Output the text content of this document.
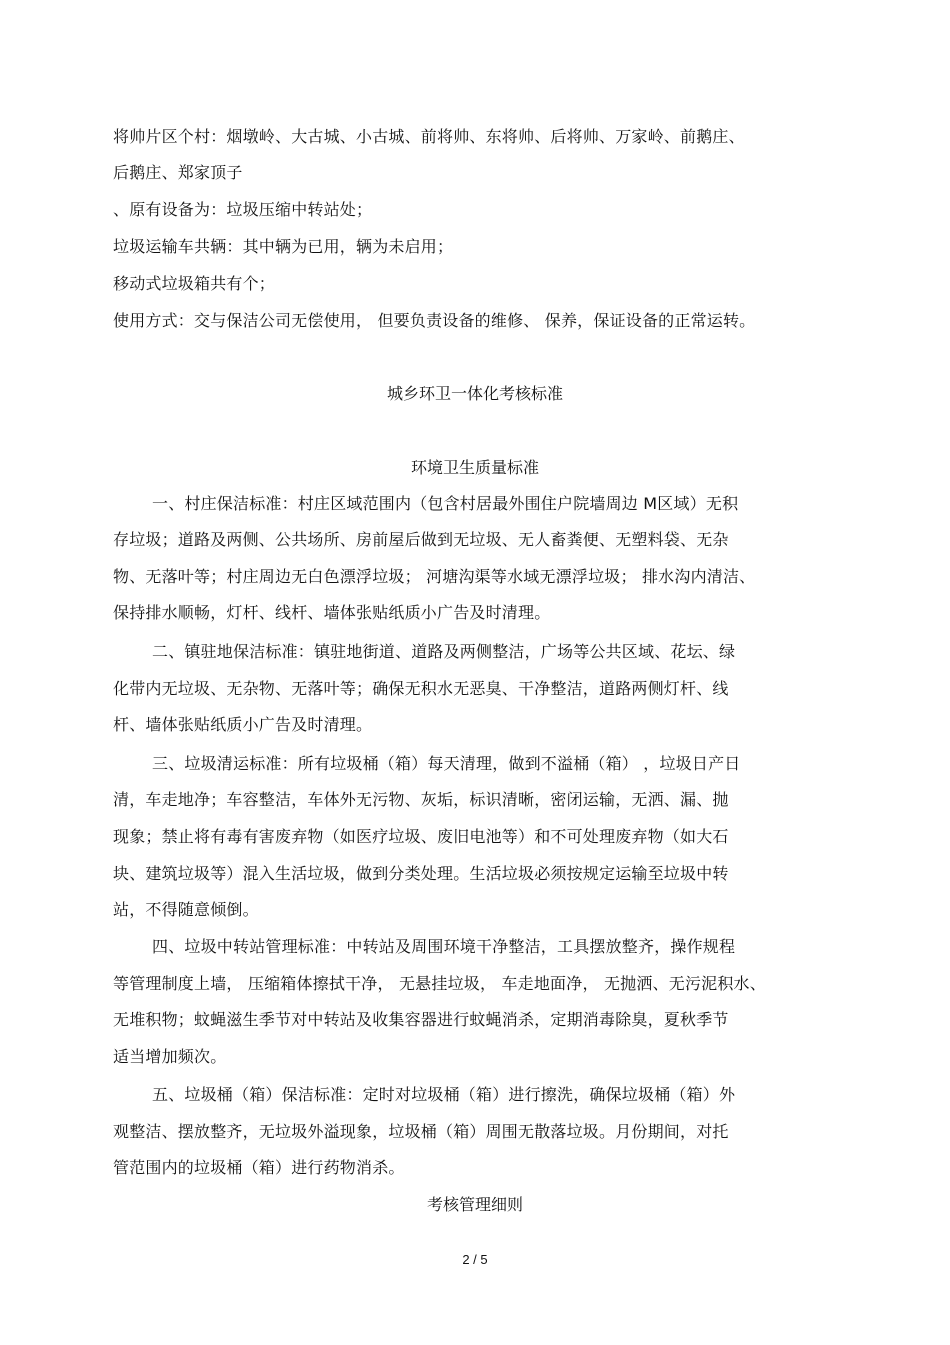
将帅片区个村：烟墩岭、大古城、小古城、前将帅、东将帅、后将帅、万家岭、前鹅庄、
后鹅庄、郑家顶子
、原有设备为：垃圾压缩中转站处；
垃圾运输车共辆：其中辆为已用，辆为未启用；
移动式垃圾箱共有个；
使用方式：交与保洁公司无偿使用， 但要负责设备的维修、 保养，保证设备的正常运转。
城乡环卫一体化考核标准
环境卫生质量标准
一、村庄保洁标准：村庄区域范围内（包含村居最外围住户院墙周边 M区域）无积
存垃圾；道路及两侧、公共场所、房前屋后做到无垃圾、无人畜粪便、无塑料袋、无杂
物、无落叶等；村庄周边无白色漂浮垃圾； 河塘沟渠等水域无漂浮垃圾； 排水沟内清洁、
保持排水顺畅，灯杆、线杆、墙体张贴纸质小广告及时清理。
二、镇驻地保洁标准：镇驻地街道、道路及两侧整洁，广场等公共区域、花坛、绿
化带内无垃圾、无杂物、无落叶等；确保无积水无恶臭、干净整洁，道路两侧灯杆、线
杆、墙体张贴纸质小广告及时清理。
三、垃圾清运标准：所有垃圾桶（箱）每天清理，做到不溢桶（箱） ，垃圾日产日
清，车走地净；车容整洁，车体外无污物、灰垢，标识清晰，密闭运输，无洒、漏、抛
现象；禁止将有毒有害废弃物（如医疗垃圾、废旧电池等）和不可处理废弃物（如大石
块、建筑垃圾等）混入生活垃圾，做到分类处理。生活垃圾必须按规定运输至垃圾中转
站，不得随意倾倒。
四、垃圾中转站管理标准：中转站及周围环境干净整洁，工具摆放整齐，操作规程
等管理制度上墙， 压缩箱体擦拭干净， 无悬挂垃圾， 车走地面净， 无抛洒、无污泥积水、
无堆积物；蚊蝇滋生季节对中转站及收集容器进行蚊蝇消杀，定期消毒除臭，夏秋季节
适当增加频次。
五、垃圾桶（箱）保洁标准：定时对垃圾桶（箱）进行擦洗，确保垃圾桶（箱）外
观整洁、摆放整齐，无垃圾外溢现象，垃圾桶（箱）周围无散落垃圾。月份期间，对托
管范围内的垃圾桶（箱）进行药物消杀。
考核管理细则
2 / 5
